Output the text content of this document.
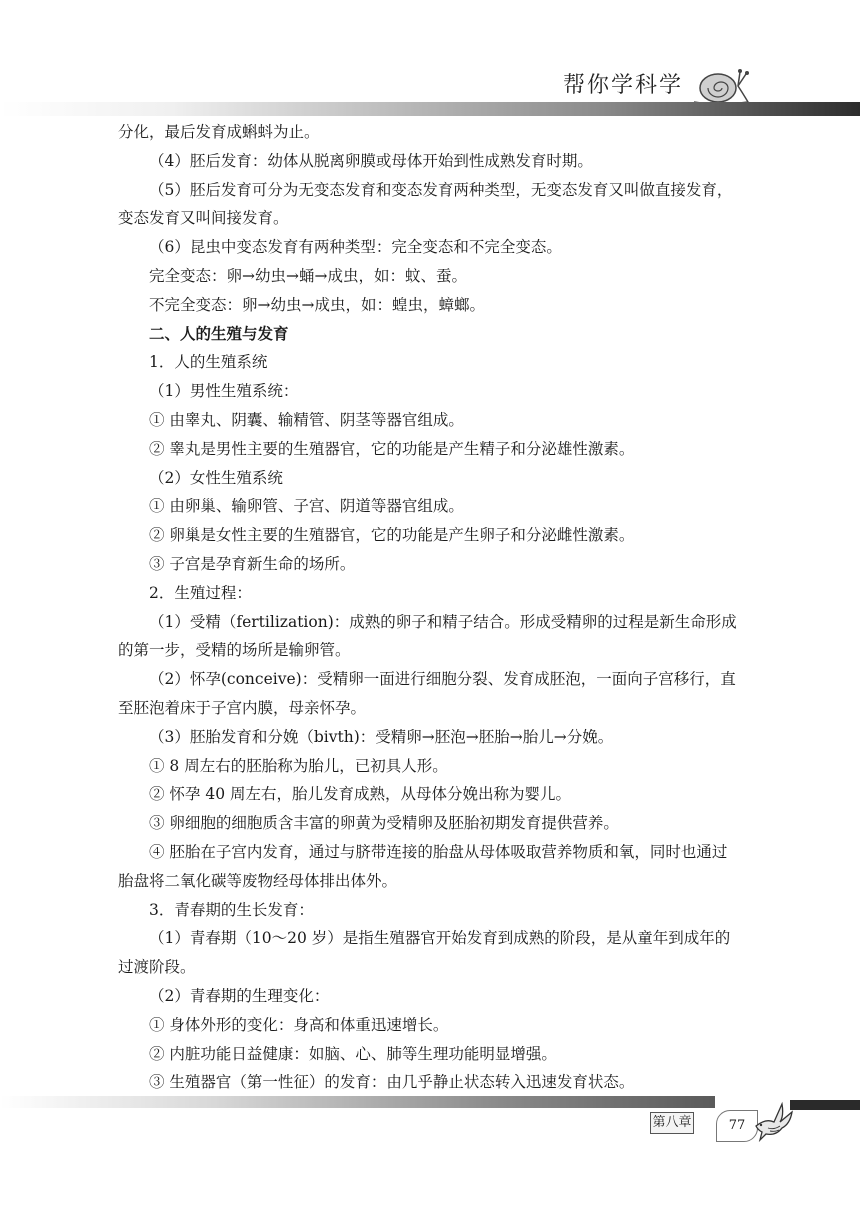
帮你学科学

分化，最后发育成蝌蚪为止。

（4）胚后发育：幼体从脱离卵膜或母体开始到性成熟发育时期。

（5）胚后发育可分为无变态发育和变态发育两种类型，无变态发育又叫做直接发育，变态发育又叫间接发育。

（6）昆虫中变态发育有两种类型：完全变态和不完全变态。

完全变态：卵→幼虫→蛹→成虫，如：蚊、蚕。

不完全变态：卵→幼虫→成虫，如：蝗虫，蟑螂。

二、人的生殖与发育

1．人的生殖系统

（1）男性生殖系统：

① 由睾丸、阴囊、输精管、阴茎等器官组成。

② 睾丸是男性主要的生殖器官，它的功能是产生精子和分泌雄性激素。

（2）女性生殖系统

① 由卵巢、输卵管、子宫、阴道等器官组成。

② 卵巢是女性主要的生殖器官，它的功能是产生卵子和分泌雌性激素。

③ 子宫是孕育新生命的场所。

2．生殖过程：

（1）受精（fertilization)：成熟的卵子和精子结合。形成受精卵的过程是新生命形成的第一步，受精的场所是输卵管。

（2）怀孕(conceive)：受精卵一面进行细胞分裂、发育成胚泡，一面向子宫移行，直至胚泡着床于子宫内膜，母亲怀孕。

（3）胚胎发育和分娩（bivth)：受精卵→胚泡→胚胎→胎儿→分娩。

① 8 周左右的胚胎称为胎儿，已初具人形。

② 怀孕 40 周左右，胎儿发育成熟，从母体分娩出称为婴儿。

③ 卵细胞的细胞质含丰富的卵黄为受精卵及胚胎初期发育提供营养。

④ 胚胎在子宫内发育，通过与脐带连接的胎盘从母体吸取营养物质和氧，同时也通过胎盘将二氧化碳等废物经母体排出体外。

3．青春期的生长发育：

（1）青春期（10～20 岁）是指生殖器官开始发育到成熟的阶段，是从童年到成年的过渡阶段。

（2）青春期的生理变化：

① 身体外形的变化：身高和体重迅速增长。

② 内脏功能日益健康：如脑、心、肺等生理功能明显增强。

③ 生殖器官（第一性征）的发育：由几乎静止状态转入迅速发育状态。

第八章	77
